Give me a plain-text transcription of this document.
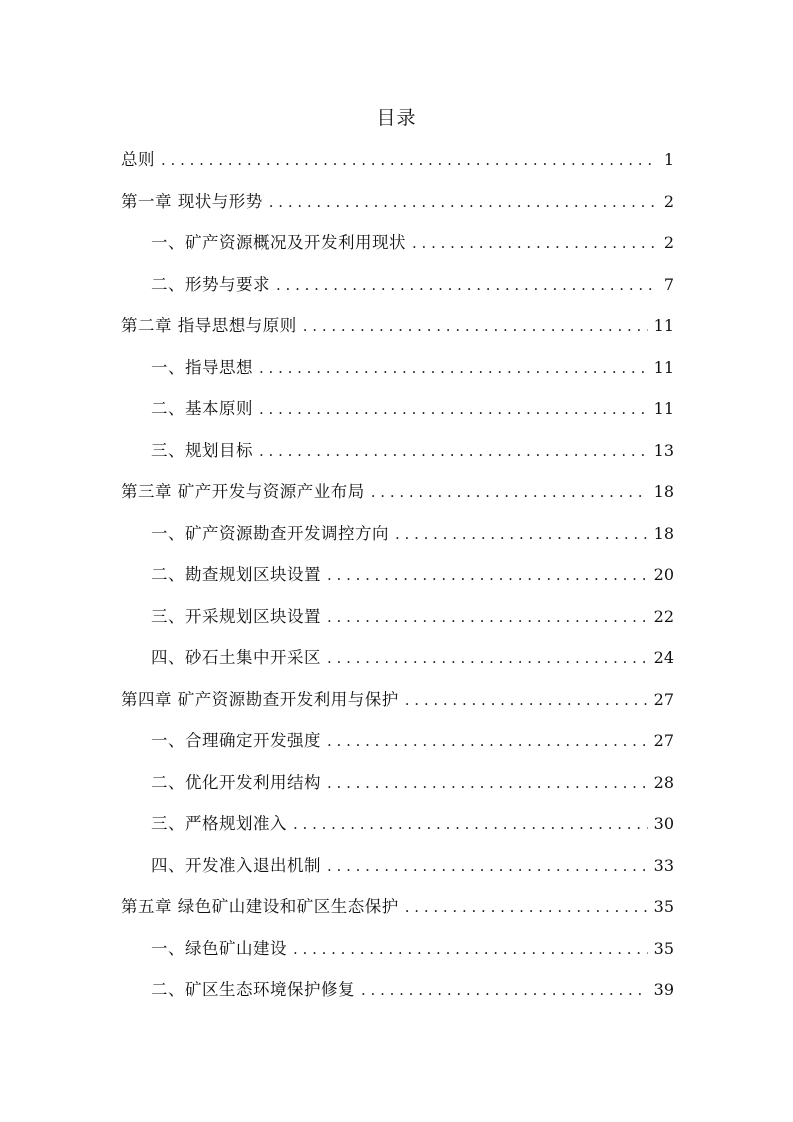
目录
总则 . . .	1
第一章 现状与形势 . . .	2
一、矿产资源概况及开发利用现状 . . .	2
二、形势与要求 . . .	7
第二章 指导思想与原则 . . .	11
一、指导思想 . . .	11
二、基本原则 . . .	11
三、规划目标 . . .	13
第三章 矿产开发与资源产业布局 . . .	18
一、矿产资源勘查开发调控方向 . . .	18
二、勘查规划区块设置 . . .	20
三、开采规划区块设置 . . .	22
四、砂石土集中开采区 . . .	24
第四章 矿产资源勘查开发利用与保护 . . .	27
一、合理确定开发强度 . . .	27
二、优化开发利用结构 . . .	28
三、严格规划准入 . . .	30
四、开发准入退出机制 . . .	33
第五章 绿色矿山建设和矿区生态保护 . . .	35
一、绿色矿山建设 . . .	35
二、矿区生态环境保护修复 . . .	39
